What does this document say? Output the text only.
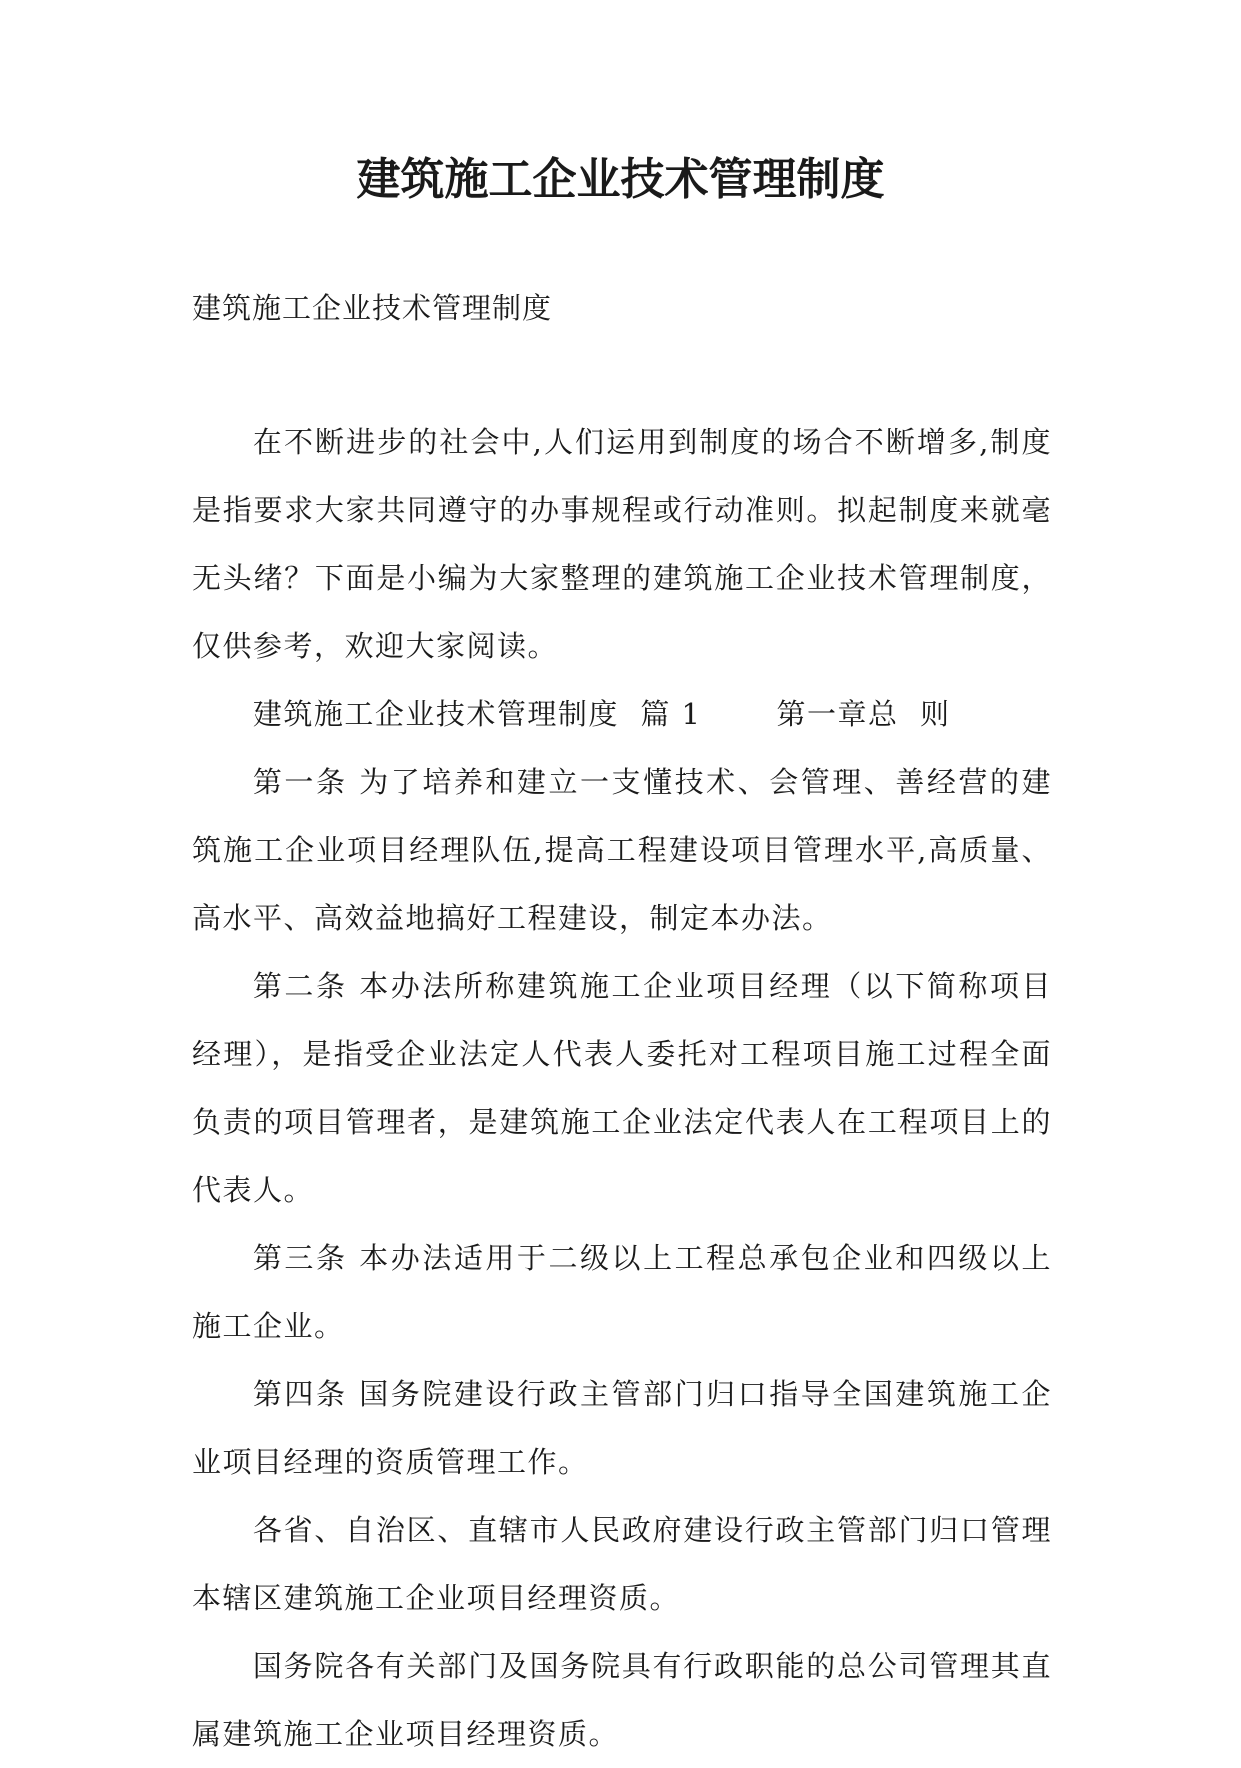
建筑施工企业技术管理制度
建筑施工企业技术管理制度

在不断进步的社会中,人们运用到制度的场合不断增多,制度是指要求大家共同遵守的办事规程或行动准则。拟起制度来就毫无头绪？下面是小编为大家整理的建筑施工企业技术管理制度，仅供参考，欢迎大家阅读。

建筑施工企业技术管理制度  篇 1       第一章总  则

第一条 为了培养和建立一支懂技术、会管理、善经营的建筑施工企业项目经理队伍,提高工程建设项目管理水平,高质量、高水平、高效益地搞好工程建设，制定本办法。

第二条 本办法所称建筑施工企业项目经理（以下简称项目经理），是指受企业法定人代表人委托对工程项目施工过程全面负责的项目管理者，是建筑施工企业法定代表人在工程项目上的代表人。

第三条 本办法适用于二级以上工程总承包企业和四级以上施工企业。

第四条 国务院建设行政主管部门归口指导全国建筑施工企业项目经理的资质管理工作。

各省、自治区、直辖市人民政府建设行政主管部门归口管理本辖区建筑施工企业项目经理资质。

国务院各有关部门及国务院具有行政职能的总公司管理其直属建筑施工企业项目经理资质。
